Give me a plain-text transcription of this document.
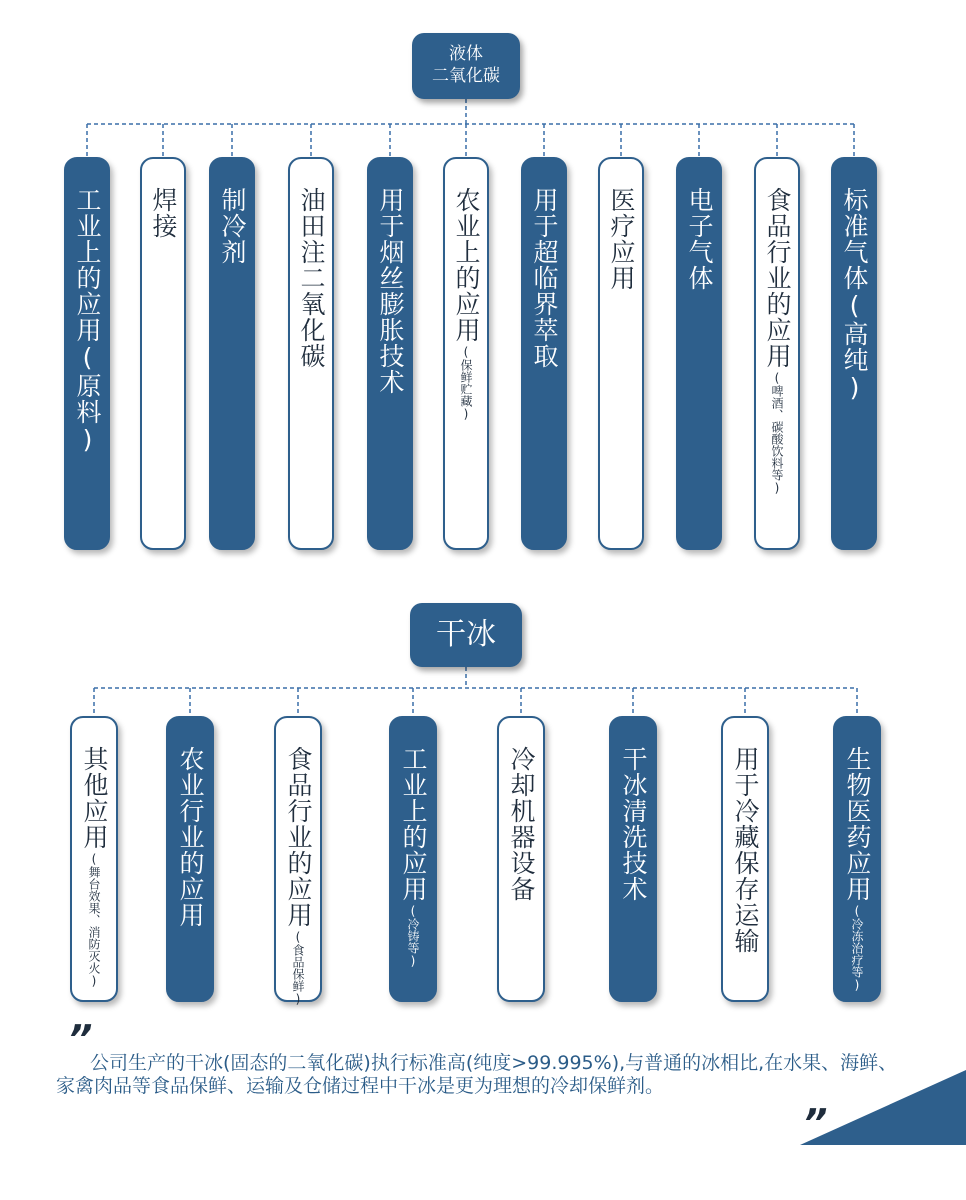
液体
二氧化碳
工业上的应用(原料) 焊接 制冷剂 油田注二氧化碳 用于烟丝膨胀技术 农业上的应用
(保鲜贮藏)
用于超临界萃取 医疗应用 电子气体 食品行业的应用
(啤酒、碳酸饮料等)
标准气体(高纯)
干冰
其他应用
(舞台效果、消防灭火)	农业行业的应用	食品行业的应用
(食品保鲜)
工业上的应用
(冷铸等)
冷却机器设备	干冰清洗技术	用于冷藏保存运输	生物医药应用
(冷冻治疗等)
”
公司生产的干冰(固态的二氧化碳)执行标准高(纯度>99.995%),与普通的冰相比,在水果、海鲜、家禽肉品等食品保鲜、运输及仓储过程中干冰是更为理想的冷却保鲜剂。
”
